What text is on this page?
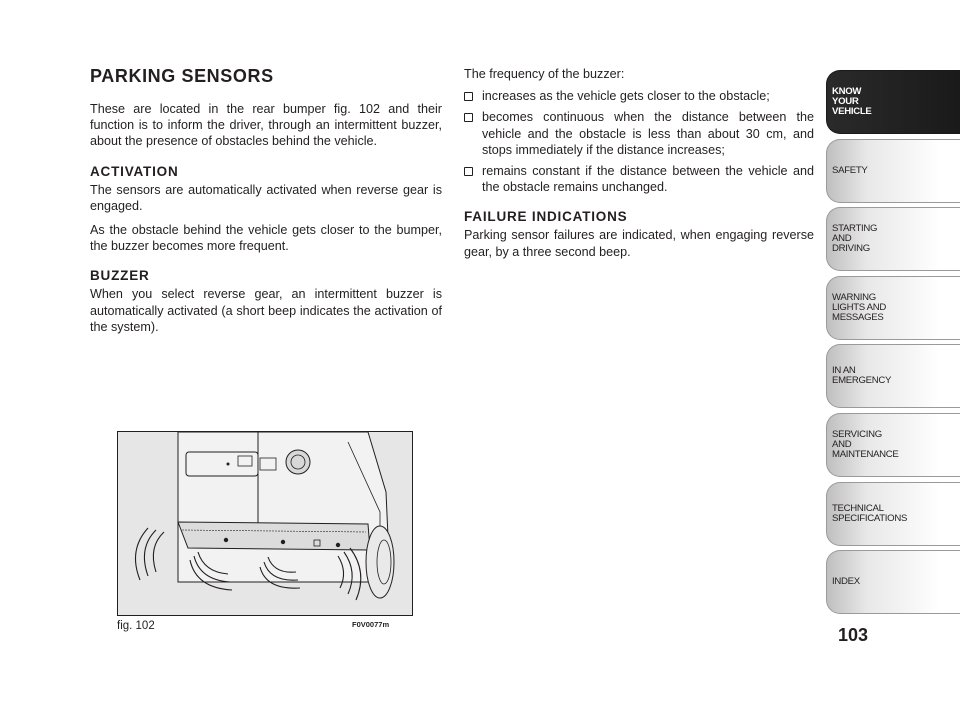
PARKING SENSORS

These are located in the rear bumper fig. 102 and their function is to inform the driver, through an intermittent buzzer, about the presence of obstacles behind the vehicle.

ACTIVATION

The sensors are automatically activated when reverse gear is engaged.

As the obstacle behind the vehicle gets closer to the bumper, the buzzer becomes more frequent.

BUZZER

When you select reverse gear, an intermittent buzzer is automatically activated (a short beep indicates the activation of the system).

The frequency of the buzzer:

increases as the vehicle gets closer to the obstacle;
becomes continuous when the distance between the vehicle and the obstacle is less than about 30 cm, and stops immediately if the distance increases;
remains constant if the distance between the vehicle and the obstacle remains unchanged.
FAILURE INDICATIONS

Parking sensor failures are indicated, when engaging reverse gear, by a three second beep.

fig. 102	F0V0077m
KNOW
YOUR
VEHICLE
SAFETY
STARTING
AND
DRIVING
WARNING
LIGHTS AND
MESSAGES
IN AN
EMERGENCY
SERVICING
AND
MAINTENANCE
TECHNICAL
SPECIFICATIONS
INDEX
103
